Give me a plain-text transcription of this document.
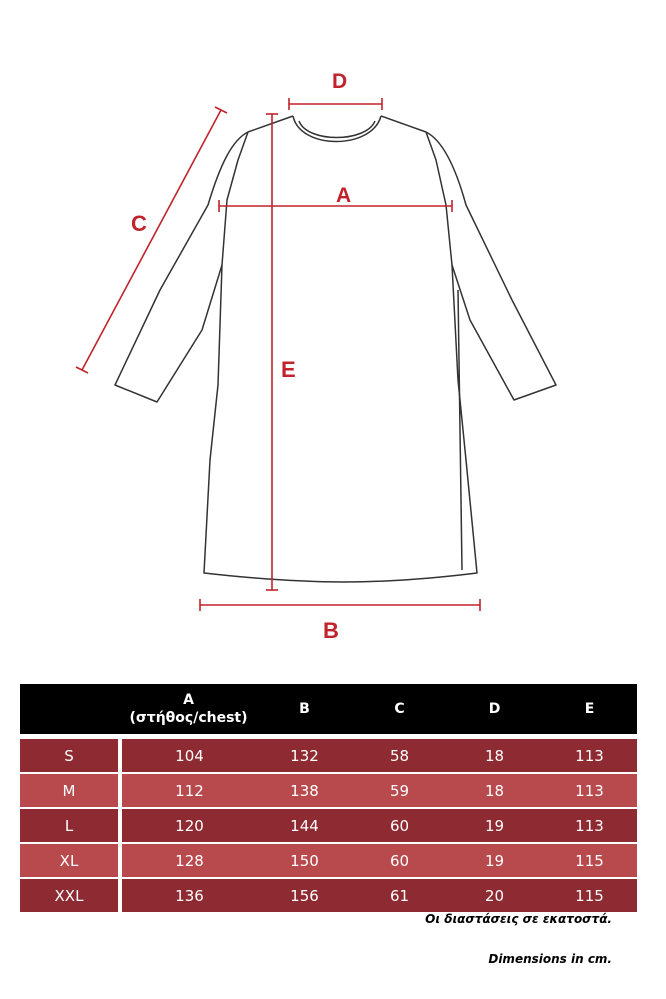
D
A
C
E
B

	A
(στήθος/chest)	B	C	D	E

S	104	132	58	18	113
M	112	138	59	18	113
L	120	144	60	19	113
XL	128	150	60	19	115
XXL	136	156	61	20	115
Οι διαστάσεις σε εκατοστά.
Dimensions in cm.
